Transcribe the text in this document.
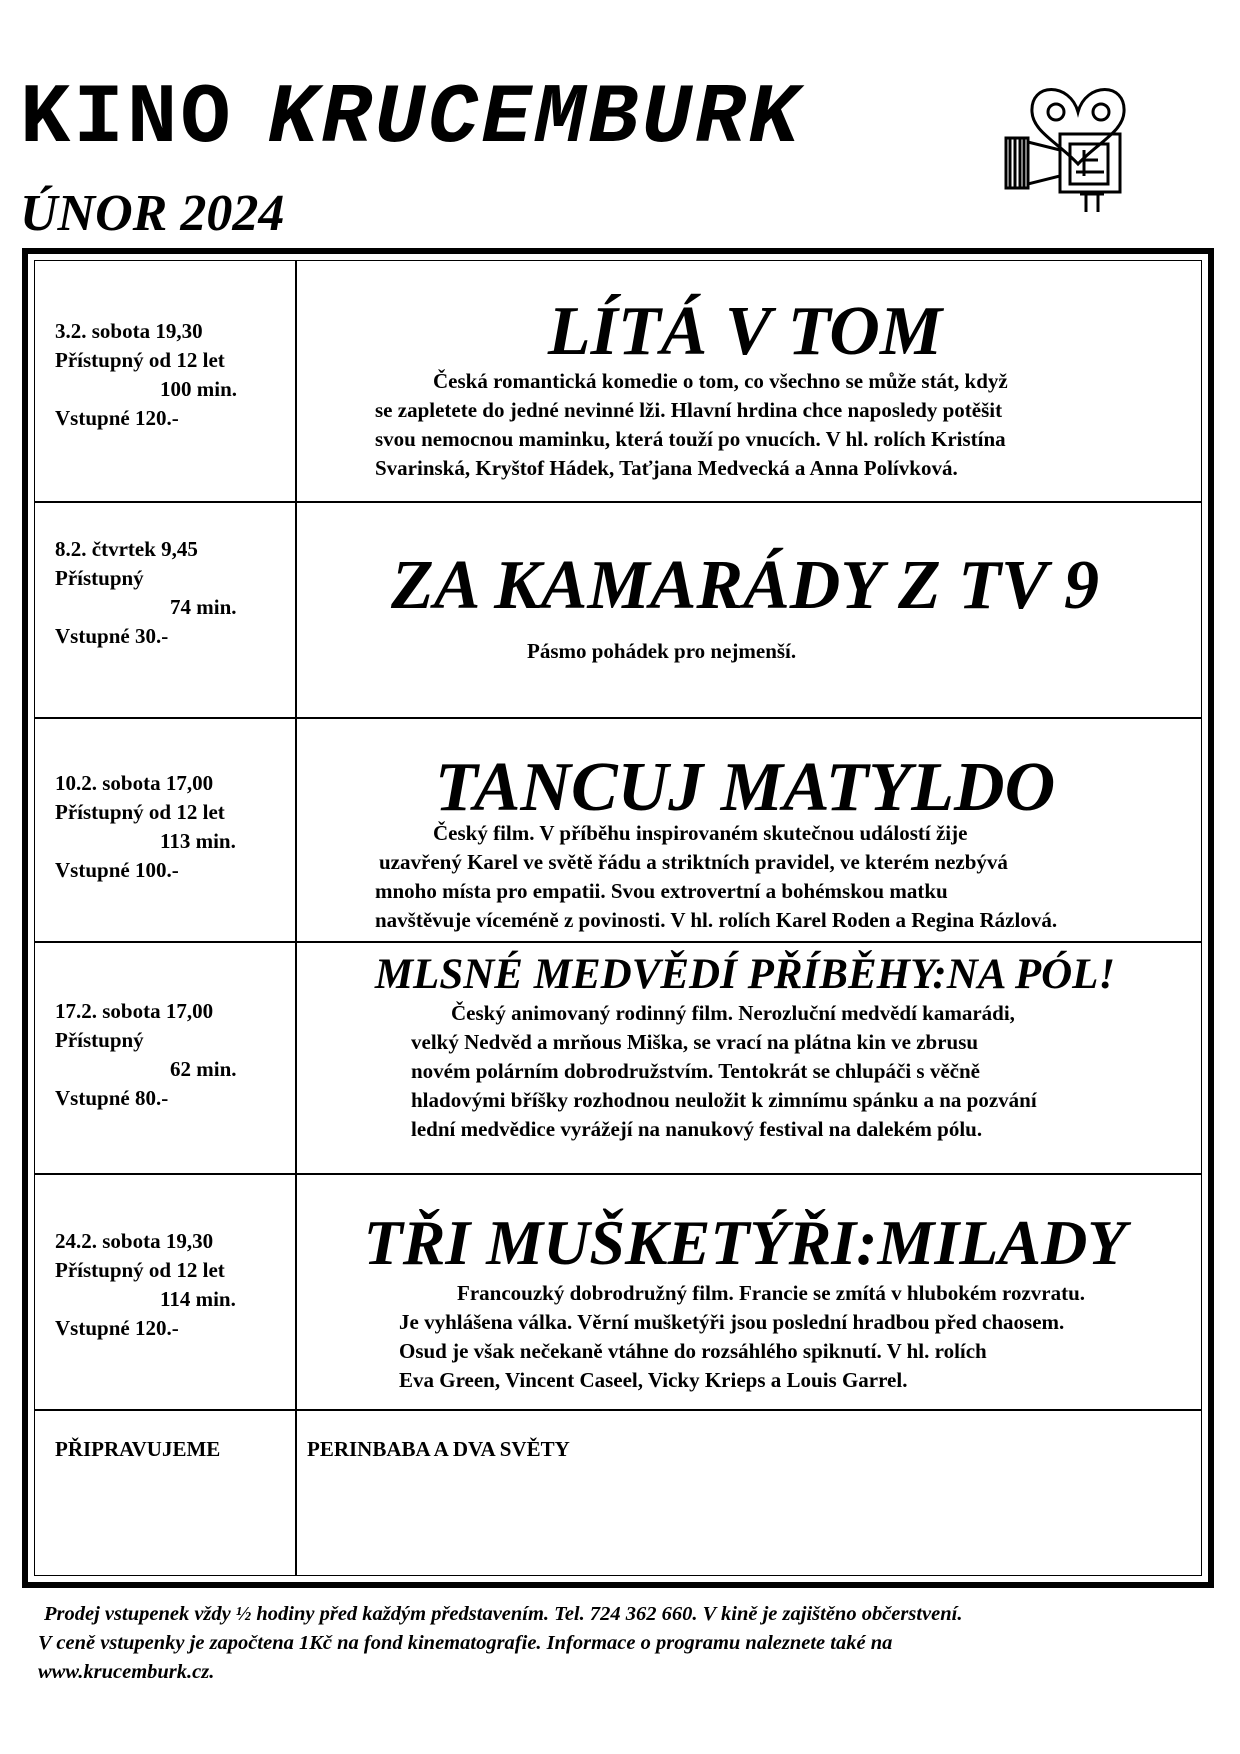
KINO KRUCEMBURK
ÚNOR 2024
3.2. sobota 19,30
Přístupný od 12 let
100 min.
Vstupné 120.-
LÍTÁ V TOM
Česká romantická komedie o tom, co všechno se může stát, když
se zapletete do jedné nevinné lži. Hlavní hrdina chce naposledy potěšit
svou nemocnou maminku, která touží po vnucích. V hl. rolích Kristína
Svarinská, Kryštof Hádek, Taťjana Medvecká a Anna Polívková.
8.2. čtvrtek 9,45
Přístupný
74 min.
Vstupné 30.-
ZA KAMARÁDY Z TV 9
Pásmo pohádek pro nejmenší.
10.2. sobota 17,00
Přístupný od 12 let
113 min.
Vstupné 100.-
TANCUJ MATYLDO
Český film. V příběhu inspirovaném skutečnou událostí žije
uzavřený Karel ve světě řádu a striktních pravidel, ve kterém nezbývá
mnoho místa pro empatii. Svou extrovertní a bohémskou matku
navštěvuje víceméně z povinosti. V hl. rolích Karel Roden a Regina Rázlová.
17.2. sobota 17,00
Přístupný
62 min.
Vstupné 80.-
MLSNÉ MEDVĚDÍ PŘÍBĚHY:NA PÓL!
Český animovaný rodinný film. Nerozluční medvědí kamarádi,
velký Nedvěd a mrňous Miška, se vrací na plátna kin ve zbrusu
novém polárním dobrodružstvím. Tentokrát se chlupáči s věčně
hladovými bříšky rozhodnou neuložit k zimnímu spánku a na pozvání
lední medvědice vyrážejí na nanukový festival na dalekém pólu.
24.2. sobota 19,30
Přístupný od 12 let
114 min.
Vstupné 120.-
TŘI MUŠKETÝŘI:MILADY
Francouzký dobrodružný film. Francie se zmítá v hlubokém rozvratu.
Je vyhlášena válka. Věrní mušketýři jsou poslední hradbou před chaosem.
Osud je však nečekaně vtáhne do rozsáhlého spiknutí. V hl. rolích
Eva Green, Vincent Caseel, Vicky Krieps a Louis Garrel.
PŘIPRAVUJEME	PERINBABA A DVA SVĚTY
Prodej vstupenek vždy ½ hodiny před každým představením. Tel. 724 362 660. V kině je zajištěno občerstvení.
V ceně vstupenky je započtena 1Kč na fond kinematografie. Informace o programu naleznete také na
www.krucemburk.cz.
